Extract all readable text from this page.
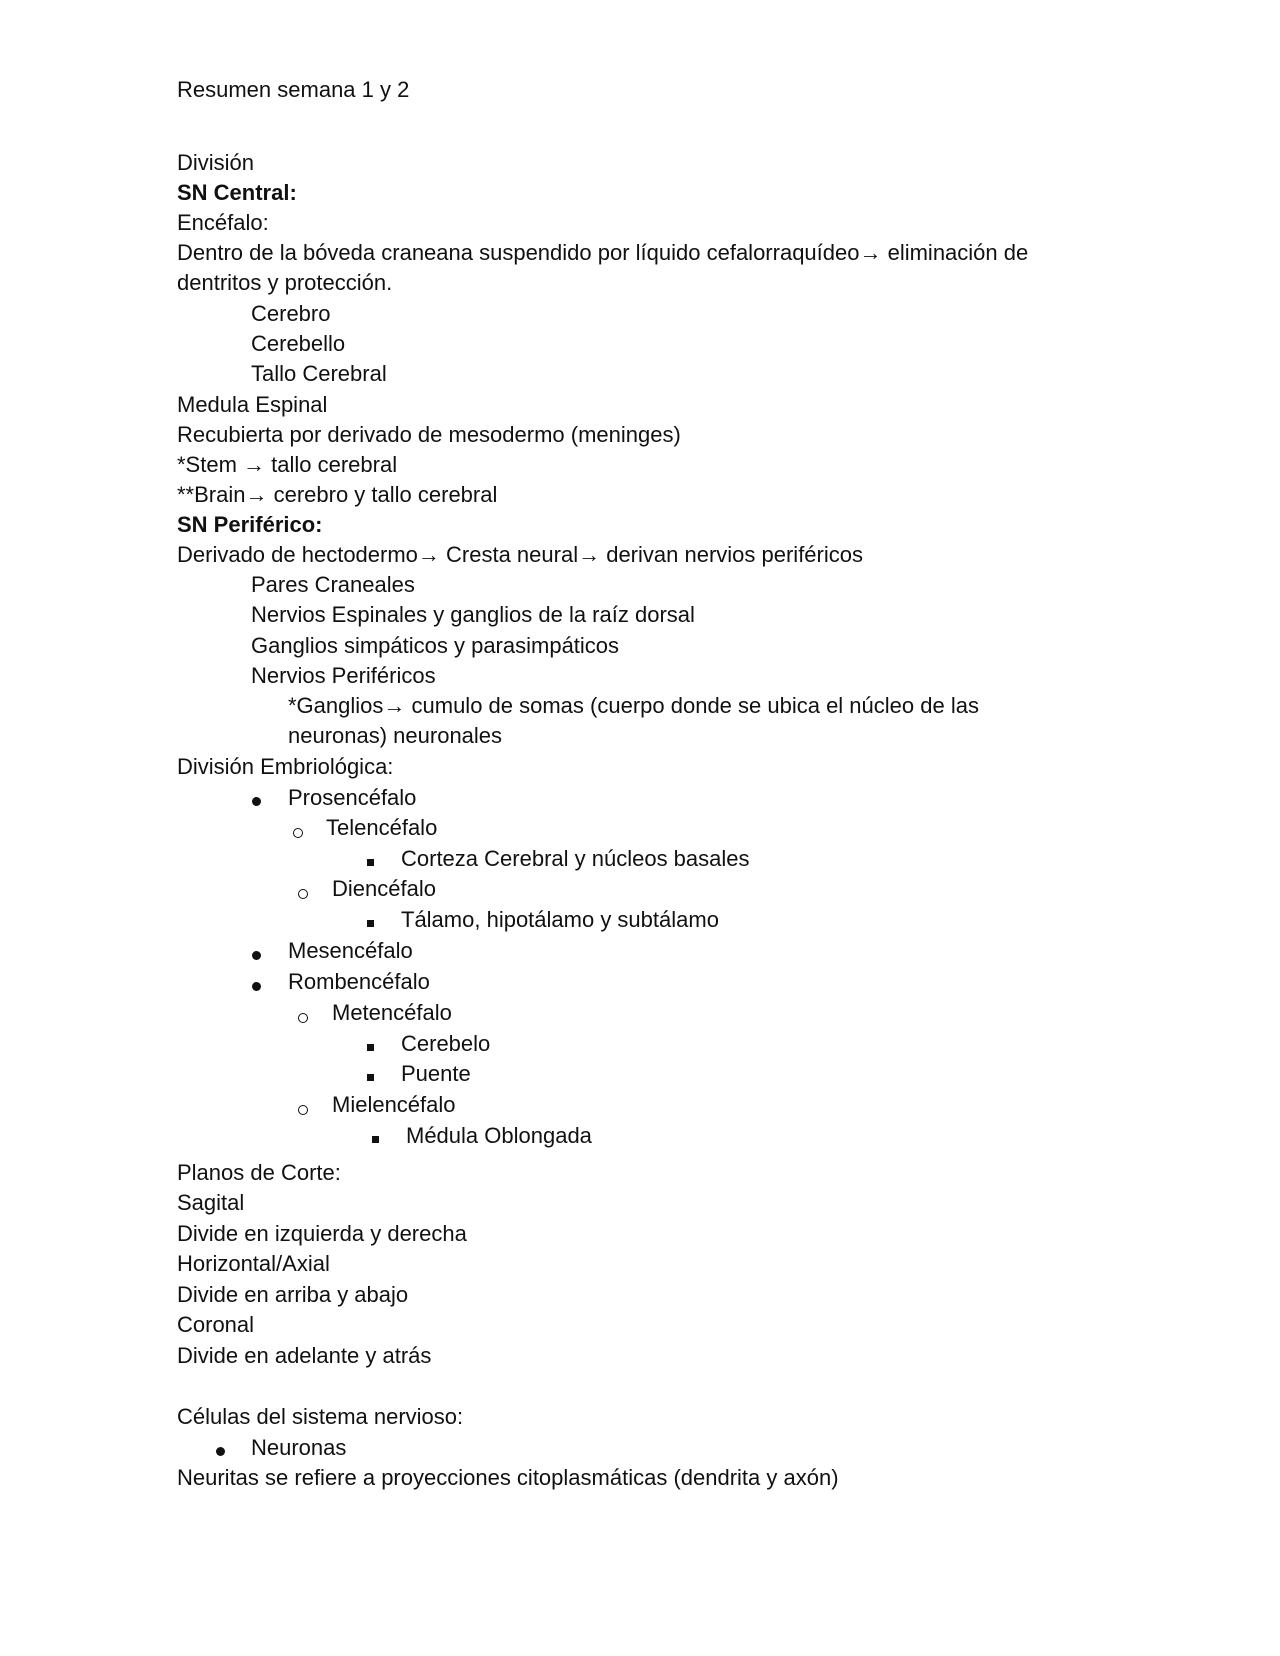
Resumen semana 1 y 2
División
SN Central:
Encéfalo:
Dentro de la bóveda craneana suspendido por líquido cefalorraquídeo→ eliminación de
dentritos y protección.
Cerebro
Cerebello
Tallo Cerebral
Medula Espinal
Recubierta por derivado de mesodermo (meninges)
*Stem → tallo cerebral
**Brain→ cerebro y tallo cerebral
SN Periférico:
Derivado de hectodermo→ Cresta neural→ derivan nervios periféricos
Pares Craneales
Nervios Espinales y ganglios de la raíz dorsal
Ganglios simpáticos y parasimpáticos
Nervios Periféricos
*Ganglios→ cumulo de somas (cuerpo donde se ubica el núcleo de las
neuronas) neuronales
División Embriológica:
Prosencéfalo
Telencéfalo
Corteza Cerebral y núcleos basales
Diencéfalo
Tálamo, hipotálamo y subtálamo
Mesencéfalo
Rombencéfalo
Metencéfalo
Cerebelo
Puente
Mielencéfalo
Médula Oblongada
Planos de Corte:
Sagital
Divide en izquierda y derecha
Horizontal/Axial
Divide en arriba y abajo
Coronal
Divide en adelante y atrás
Células del sistema nervioso:
Neuronas
Neuritas se refiere a proyecciones citoplasmáticas (dendrita y axón)
